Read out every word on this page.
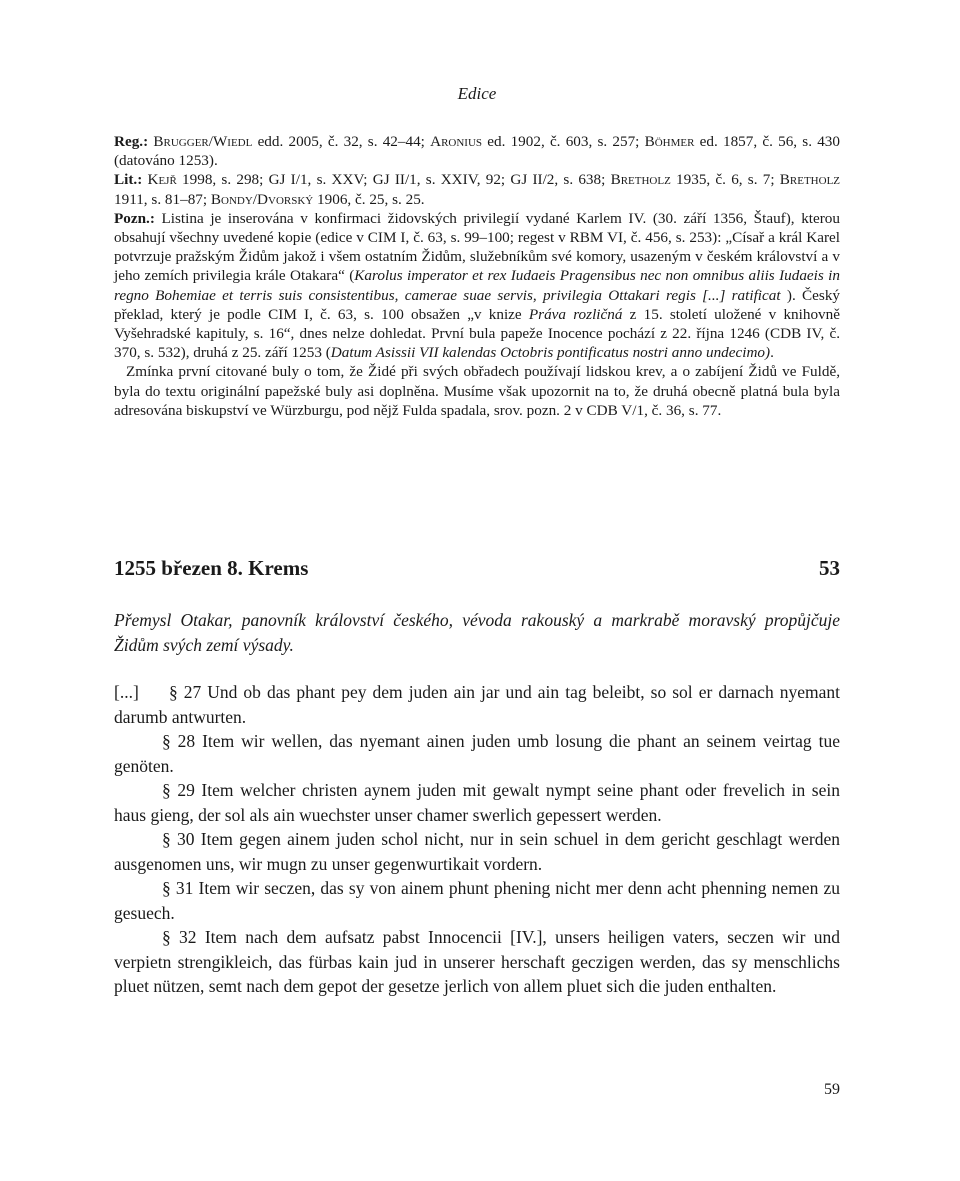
Edice

Reg.: Brugger/Wiedl edd. 2005, č. 32, s. 42–44; Aronius ed. 1902, č. 603, s. 257; Böhmer ed. 1857, č. 56, s. 430 (datováno 1253).

Lit.: Kejř 1998, s. 298; GJ I/1, s. XXV; GJ II/1, s. XXIV, 92; GJ II/2, s. 638; Bretholz 1935, č. 6, s. 7; Bretholz 1911, s. 81–87; Bondy/Dvorský 1906, č. 25, s. 25.

Pozn.: Listina je inserována v konfirmaci židovských privilegií vydané Karlem IV. (30. září 1356, Štauf), kterou obsahují všechny uvedené kopie (edice v CIM I, č. 63, s. 99–100; regest v RBM VI, č. 456, s. 253): „Císař a král Karel potvrzuje pražským Židům jakož i všem ostatním Židům, služebníkům své komory, usazeným v českém království a v jeho zemích privilegia krále Otakara“ (Karolus imperator et rex Iudaeis Pragensibus nec non omnibus aliis Iudaeis in regno Bohemiae et terris suis consistentibus, camerae suae servis, privilegia Ottakari regis [...] ratificat ). Český překlad, který je podle CIM I, č. 63, s. 100 obsažen „v knize Práva rozličná z 15. století uložené v knihovně Vyšehradské kapituly, s. 16“, dnes nelze dohledat. První bula papeže Inocence pochází z 22. října 1246 (CDB IV, č. 370, s. 532), druhá z 25. září 1253 (Datum Asissii VII kalendas Octobris pontificatus nostri anno undecimo).

Zmínka první citované buly o tom, že Židé při svých obřadech používají lidskou krev, a o zabíjení Židů ve Fuldě, byla do textu originální papežské buly asi doplněna. Musíme však upozornit na to, že druhá obecně platná bula byla adresována biskupství ve Würzburgu, pod nějž Fulda spadala, srov. pozn. 2 v CDB V/1, č. 36, s. 77.

1255 březen 8. Krems	53
Přemysl Otakar, panovník království českého, vévoda rakouský a markrabě moravský propůjčuje Židům svých zemí výsady.

[...]     § 27 Und ob das phant pey dem juden ain jar und ain tag beleibt, so sol er darnach nyemant darumb antwurten.

§ 28 Item wir wellen, das nyemant ainen juden umb losung die phant an seinem veirtag tue genöten.

§ 29 Item welcher christen aynem juden mit gewalt nympt seine phant oder frevelich in sein haus gieng, der sol als ain wuechster unser chamer swerlich gepessert werden.

§ 30 Item gegen ainem juden schol nicht, nur in sein schuel in dem gericht geschlagt werden ausgenomen uns, wir mugn zu unser gegenwurtikait vordern.

§ 31 Item wir seczen, das sy von ainem phunt phening nicht mer denn acht phenning nemen zu gesuech.

§ 32 Item nach dem aufsatz pabst Innocencii [IV.], unsers heiligen vaters, seczen wir und verpietn strengikleich, das fürbas kain jud in unserer herschaft geczigen werden, das sy menschlichs pluet nützen, semt nach dem gepot der gesetze jerlich von allem pluet sich die juden enthalten.

59
